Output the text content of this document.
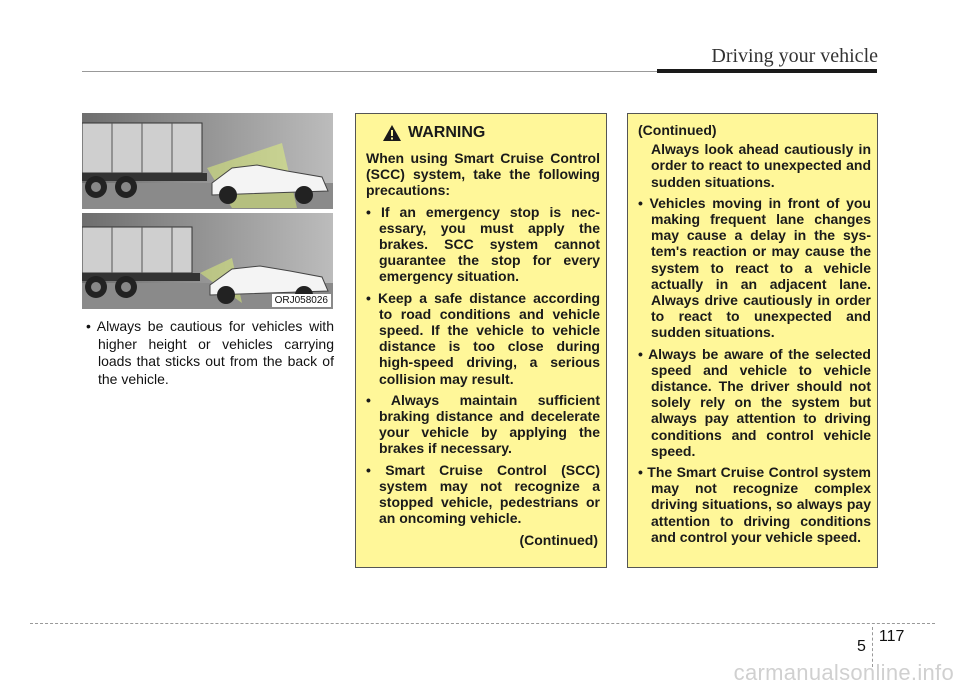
Driving your vehicle
ORJ058026
• Always be cautious for vehicles with higher height or vehicles carrying loads that sticks out from the back of the vehicle.
WARNING
When using Smart Cruise Control (SCC) system, take the following precautions:
• If an emergency stop is necessary, you must apply the brakes. SCC system cannot guarantee the stop for every emergency situation.
• Keep a safe distance according to road conditions and vehicle speed. If the vehicle to vehicle distance is too close during high-speed driving, a serious collision may result.
• Always maintain sufficient braking distance and decelerate your vehicle by applying the brakes if necessary.
• Smart Cruise Control (SCC) system may not recognize a stopped vehicle, pedestrians or an oncoming vehicle.
(Continued)
(Continued)
Always look ahead cautiously in order to react to unexpected and sudden situations.
• Vehicles moving in front of you making frequent lane changes may cause a delay in the system's reaction or may cause the system to react to a vehicle actually in an adjacent lane. Always drive cautiously in order to react to unexpected and sudden situations.
• Always be aware of the selected speed and vehicle to vehicle distance. The driver should not solely rely on the system but always pay attention to driving conditions and control vehicle speed.
• The Smart Cruise Control system may not recognize complex driving situations, so always pay attention to driving conditions and control your vehicle speed.
5
117
carmanualsonline.info
